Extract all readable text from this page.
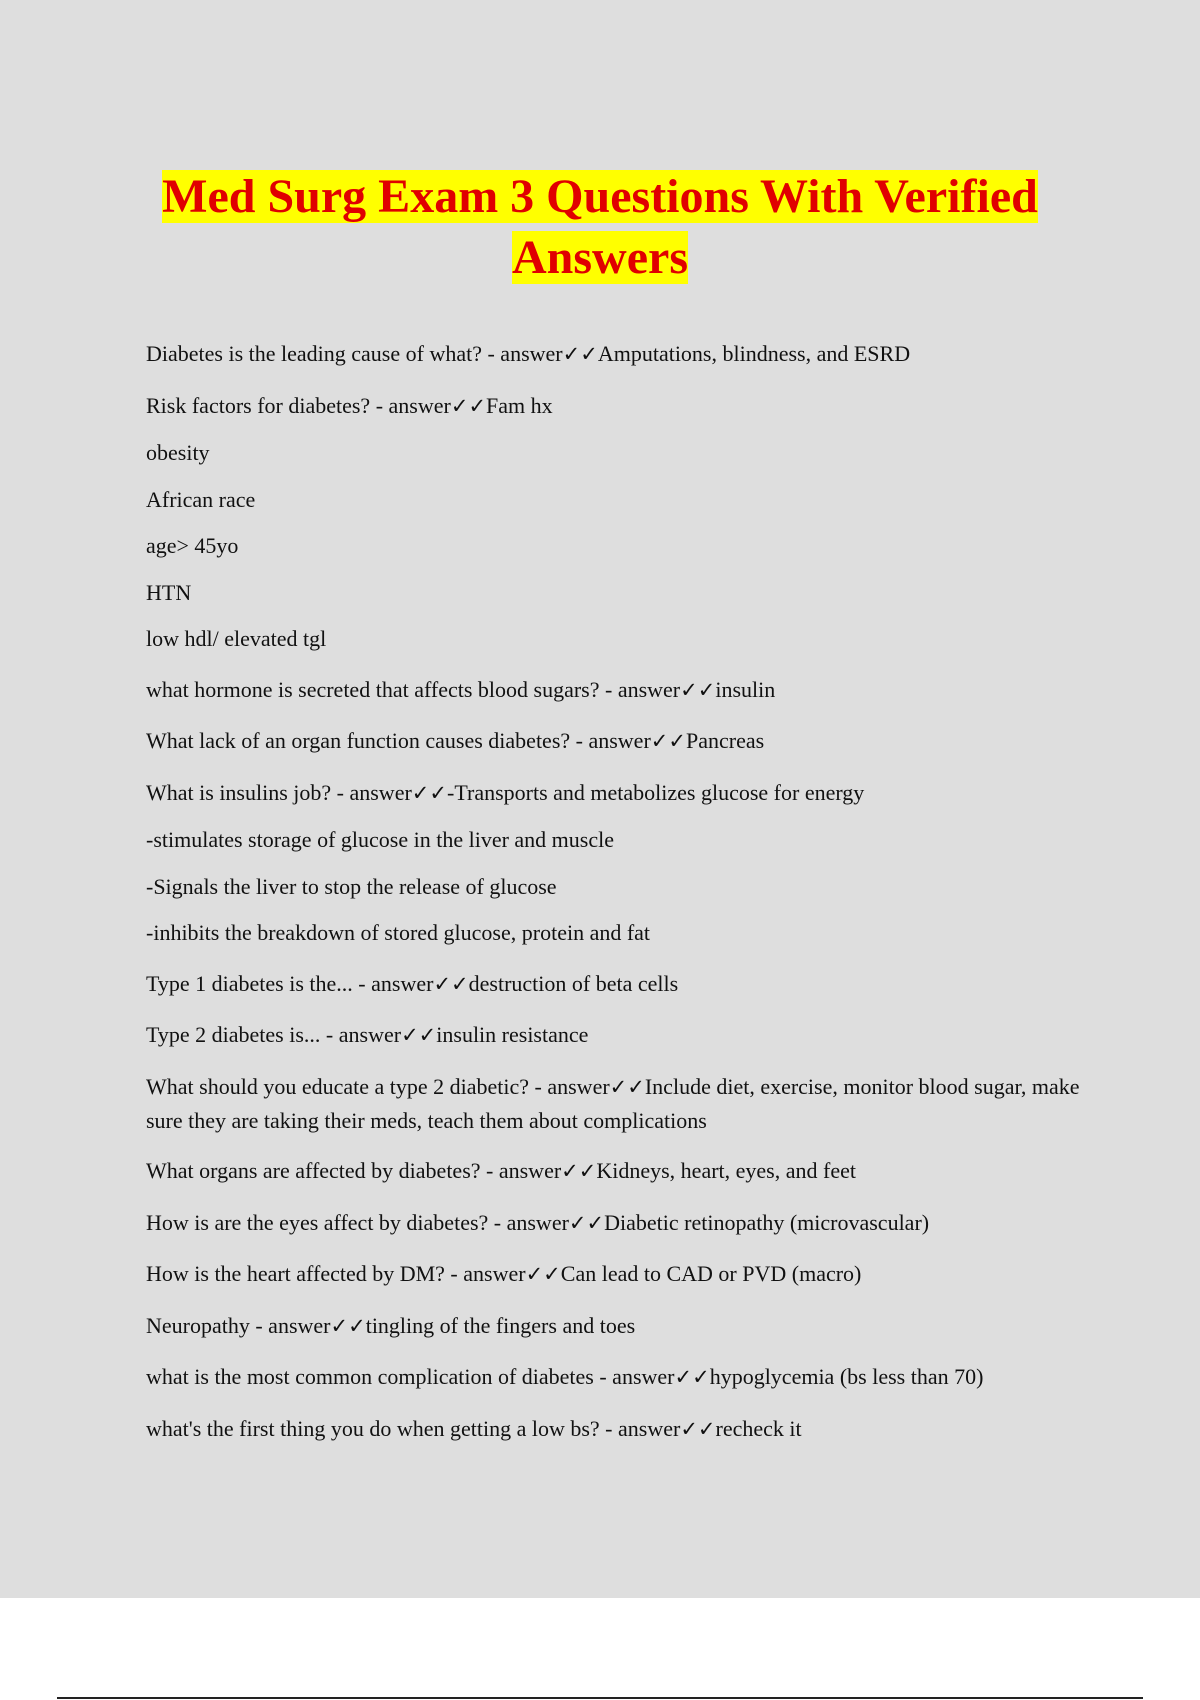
Med Surg Exam 3 Questions With Verified Answers

Diabetes is the leading cause of what? - answer✓✓Amputations, blindness, and ESRD

Risk factors for diabetes? - answer✓✓Fam hx

obesity

African race

age> 45yo

HTN

low hdl/ elevated tgl

what hormone is secreted that affects blood sugars? - answer✓✓insulin

What lack of an organ function causes diabetes? - answer✓✓Pancreas

What is insulins job? - answer✓✓-Transports and metabolizes glucose for energy

-stimulates storage of glucose in the liver and muscle

-Signals the liver to stop the release of glucose

-inhibits the breakdown of stored glucose, protein and fat

Type 1 diabetes is the... - answer✓✓destruction of beta cells

Type 2 diabetes is... - answer✓✓insulin resistance

What should you educate a type 2 diabetic? - answer✓✓Include diet, exercise, monitor blood sugar, make sure they are taking their meds, teach them about complications

What organs are affected by diabetes? - answer✓✓Kidneys, heart, eyes, and feet

How is are the eyes affect by diabetes? - answer✓✓Diabetic retinopathy (microvascular)

How is the heart affected by DM? - answer✓✓Can lead to CAD or PVD (macro)

Neuropathy - answer✓✓tingling of the fingers and toes

what is the most common complication of diabetes - answer✓✓hypoglycemia (bs less than 70)

what's the first thing you do when getting a low bs? - answer✓✓recheck it
